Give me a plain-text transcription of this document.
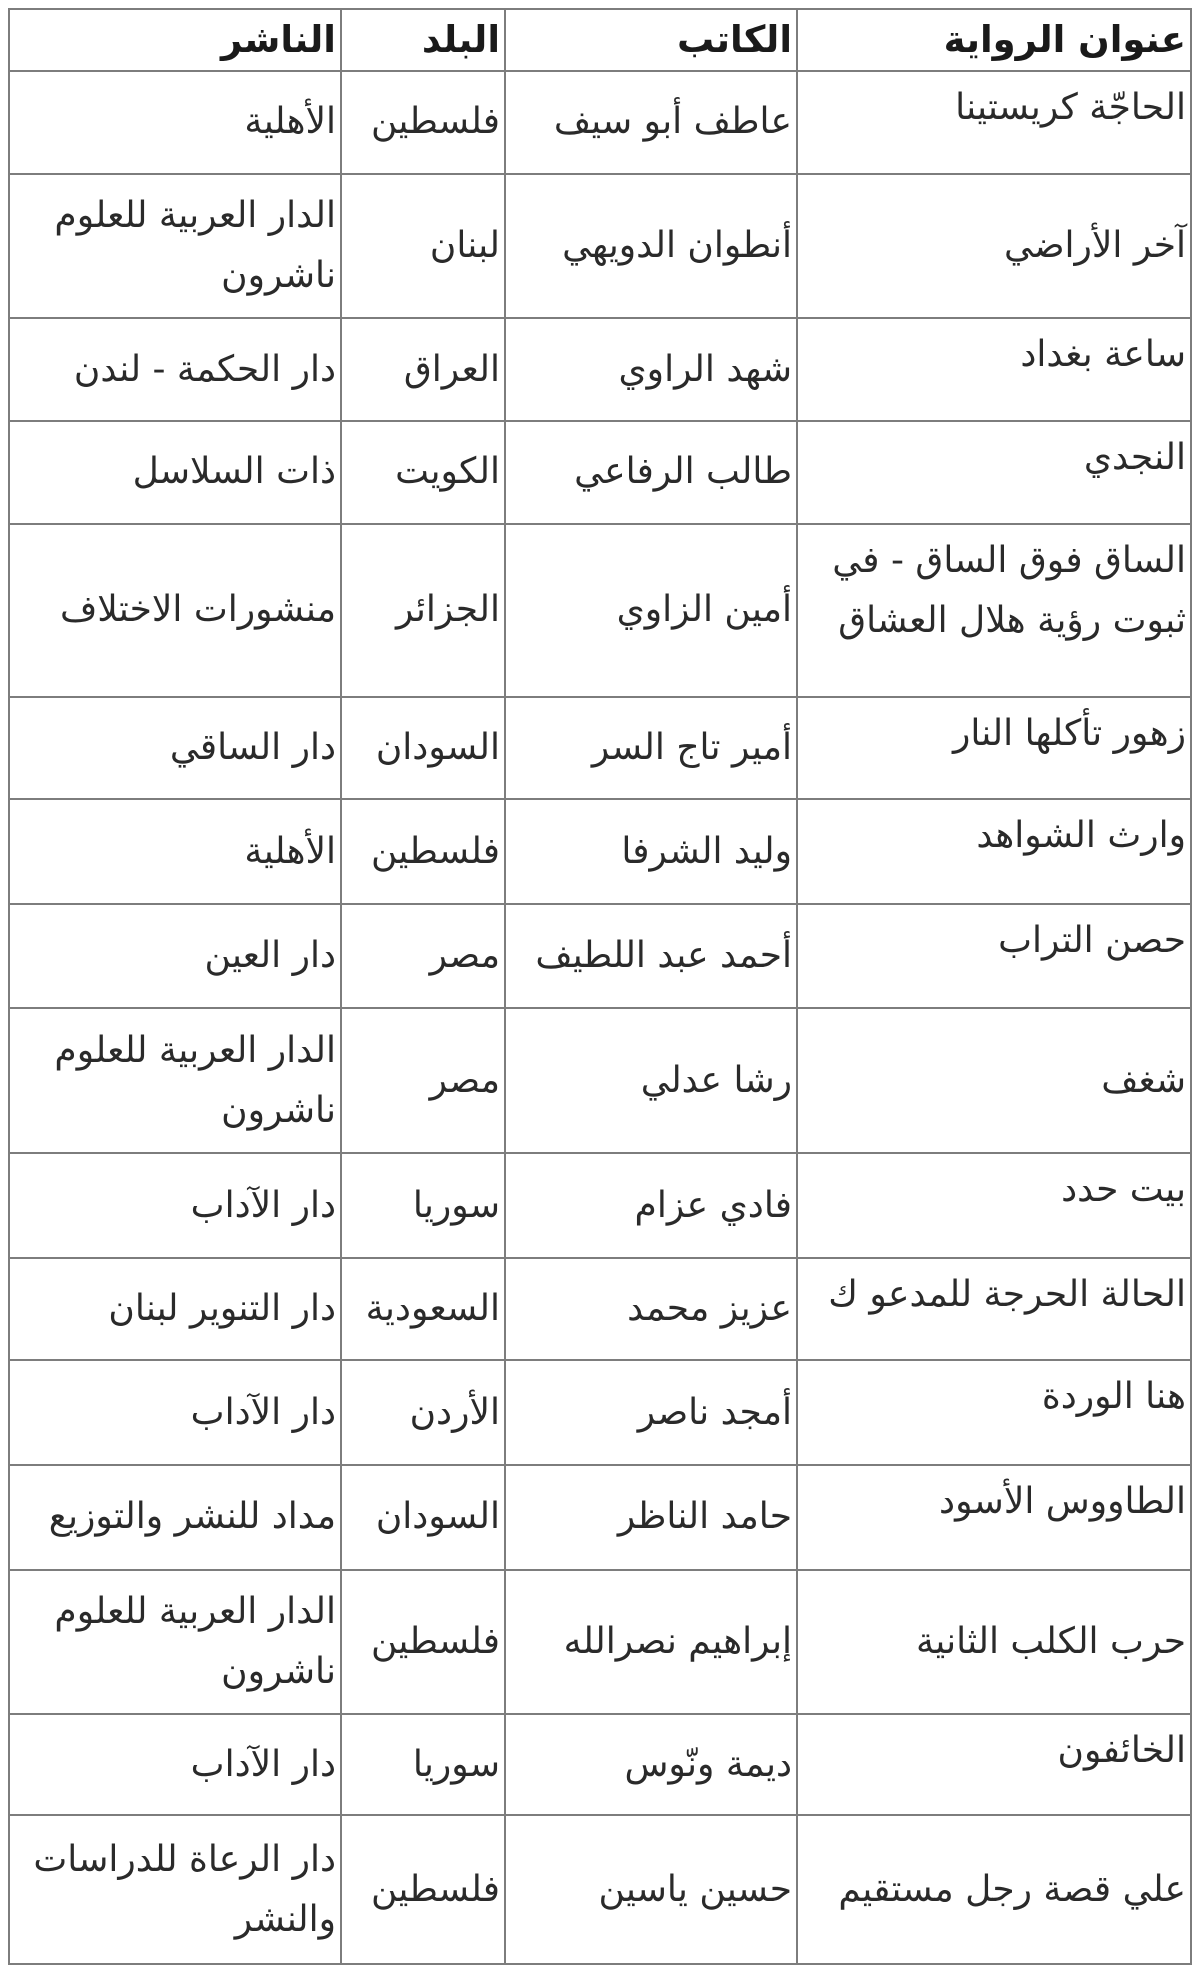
عنوان الرواية	الكاتب	البلد	الناشر
الحاجّة كريستينا	عاطف أبو سيف	فلسطين	الأهلية
آخر الأراضي	أنطوان الدويهي	لبنان	الدار العربية للعلوم ناشرون
ساعة بغداد	شهد الراوي	العراق	دار الحكمة - لندن
النجدي	طالب الرفاعي	الكويت	ذات السلاسل
الساق فوق الساق - في ثبوت رؤية هلال العشاق	أمين الزاوي	الجزائر	منشورات الاختلاف
زهور تأكلها النار	أمير تاج السر	السودان	دار الساقي
وارث الشواهد	وليد الشرفا	فلسطين	الأهلية
حصن التراب	أحمد عبد اللطيف	مصر	دار العين
شغف	رشا عدلي	مصر	الدار العربية للعلوم ناشرون
بيت حدد	فادي عزام	سوريا	دار الآداب
الحالة الحرجة للمدعو ك	عزيز محمد	السعودية	دار التنوير لبنان
هنا الوردة	أمجد ناصر	الأردن	دار الآداب
الطاووس الأسود	حامد الناظر	السودان	مداد للنشر والتوزيع
حرب الكلب الثانية	إبراهيم نصرالله	فلسطين	الدار العربية للعلوم ناشرون
الخائفون	ديمة ونّوس	سوريا	دار الآداب
علي قصة رجل مستقيم	حسين ياسين	فلسطين	دار الرعاة للدراسات والنشر
